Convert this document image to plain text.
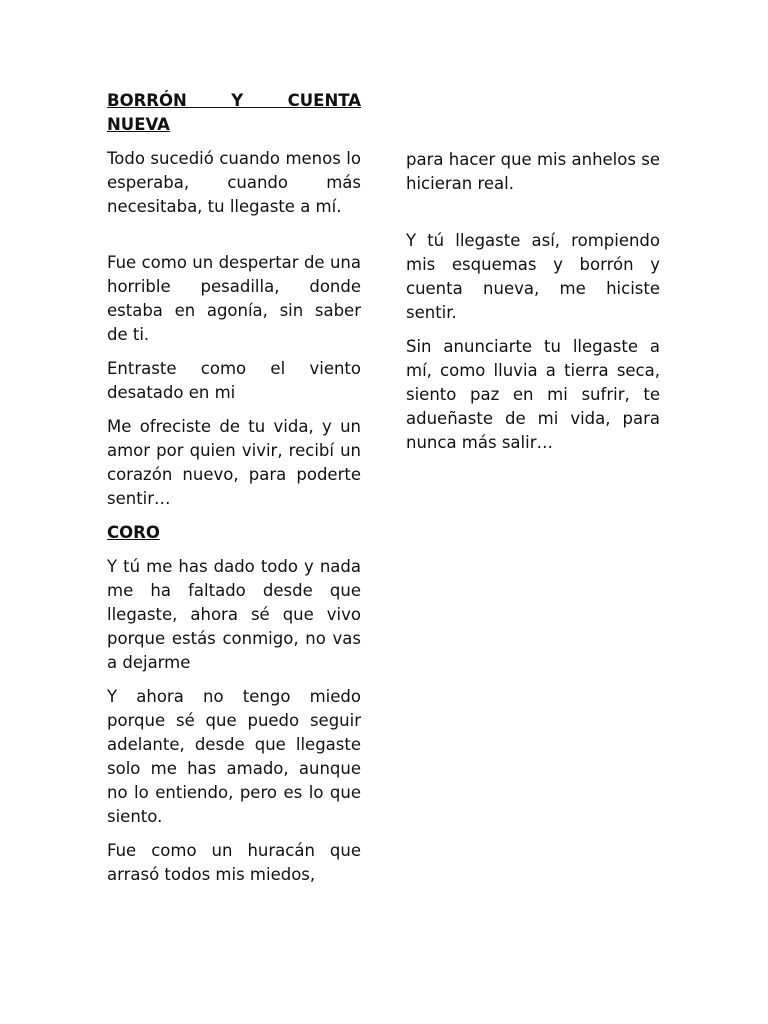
BORRÓN Y CUENTA
NUEVA

Todo sucedió cuando menos lo esperaba, cuando más necesitaba, tu llegaste a mí.

Fue como un despertar de una horrible pesadilla, donde estaba en agonía, sin saber de ti.

Entraste como el viento desatado en mi

Me ofreciste de tu vida, y un amor por quien vivir, recibí un corazón nuevo, para poderte sentir…

CORO

Y tú me has dado todo y nada me ha faltado desde que llegaste, ahora sé que vivo porque estás conmigo, no vas a dejarme

Y ahora no tengo miedo porque sé que puedo seguir adelante, desde que llegaste solo me has amado, aunque no lo entiendo, pero es lo que siento.

Fue como un huracán que arrasó todos mis miedos,

para hacer que mis anhelos se hicieran real.

Y tú llegaste así, rompiendo mis esquemas y borrón y cuenta nueva, me hiciste sentir.

Sin anunciarte tu llegaste a mí, como lluvia a tierra seca, siento paz en mi sufrir, te adueñaste de mi vida, para nunca más salir…
